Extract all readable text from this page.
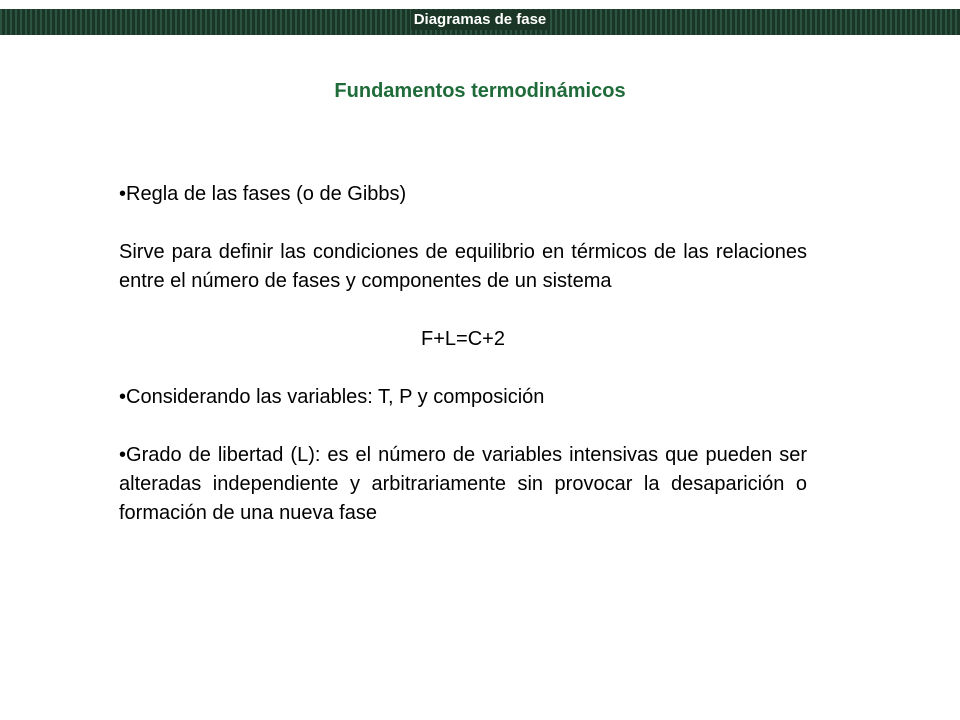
Diagramas de fase
Fundamentos termodinámicos

•Regla de las fases (o de Gibbs)

Sirve para definir las condiciones de equilibrio en térmicos de las relaciones entre el número de fases y componentes de un sistema

F+L=C+2

•Considerando las variables: T, P y composición

•Grado de libertad (L): es el número de variables intensivas que pueden ser alteradas independiente y arbitrariamente sin provocar la desaparición o formación de una nueva fase
